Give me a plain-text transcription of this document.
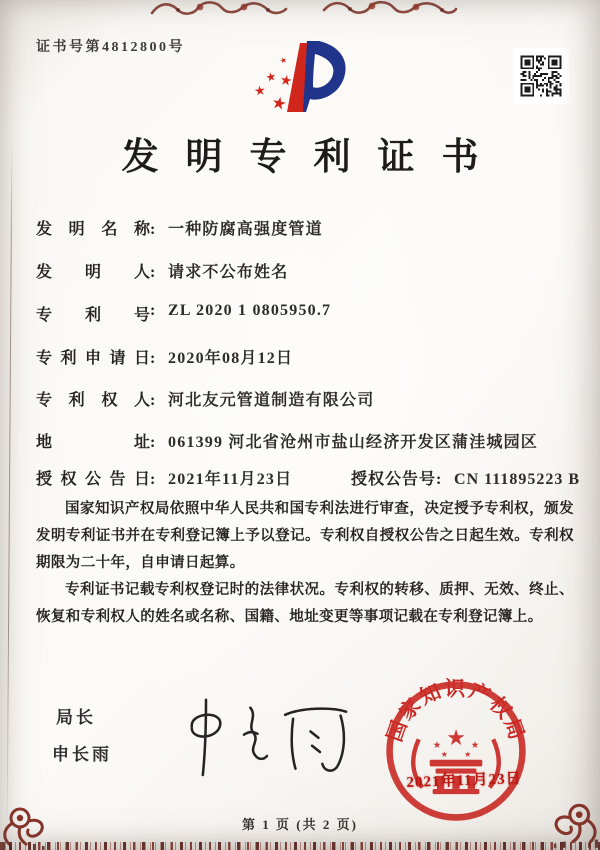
证书号第4812800号
★
★ ★
★
★
发明专利证书
发明名称: 一种防腐高强度管道
发明人: 请求不公布姓名
专利号: ZL 2020 1 0805950.7
专利申请日: 2020年08月12日
专利权人: 河北友元管道制造有限公司
地址: 061399 河北省沧州市盐山经济开发区蒲洼城园区
授权公告日: 2021年11月23日	授权公告号: CN 111895223 B

国家知识产权局依照中华人民共和国专利法进行审查，决定授予专利权，颁发发明专利证书并在专利登记簿上予以登记。专利权自授权公告之日起生效。专利权期限为二十年，自申请日起算。

专利证书记载专利权登记时的法律状况。专利权的转移、质押、无效、终止、恢复和专利权人的姓名或名称、国籍、地址变更等事项记载在专利登记簿上。

局长
申长雨
国家知识产权局
★
★ ★
★ ★
2021年11月23日
第 1 页 (共 2 页)
